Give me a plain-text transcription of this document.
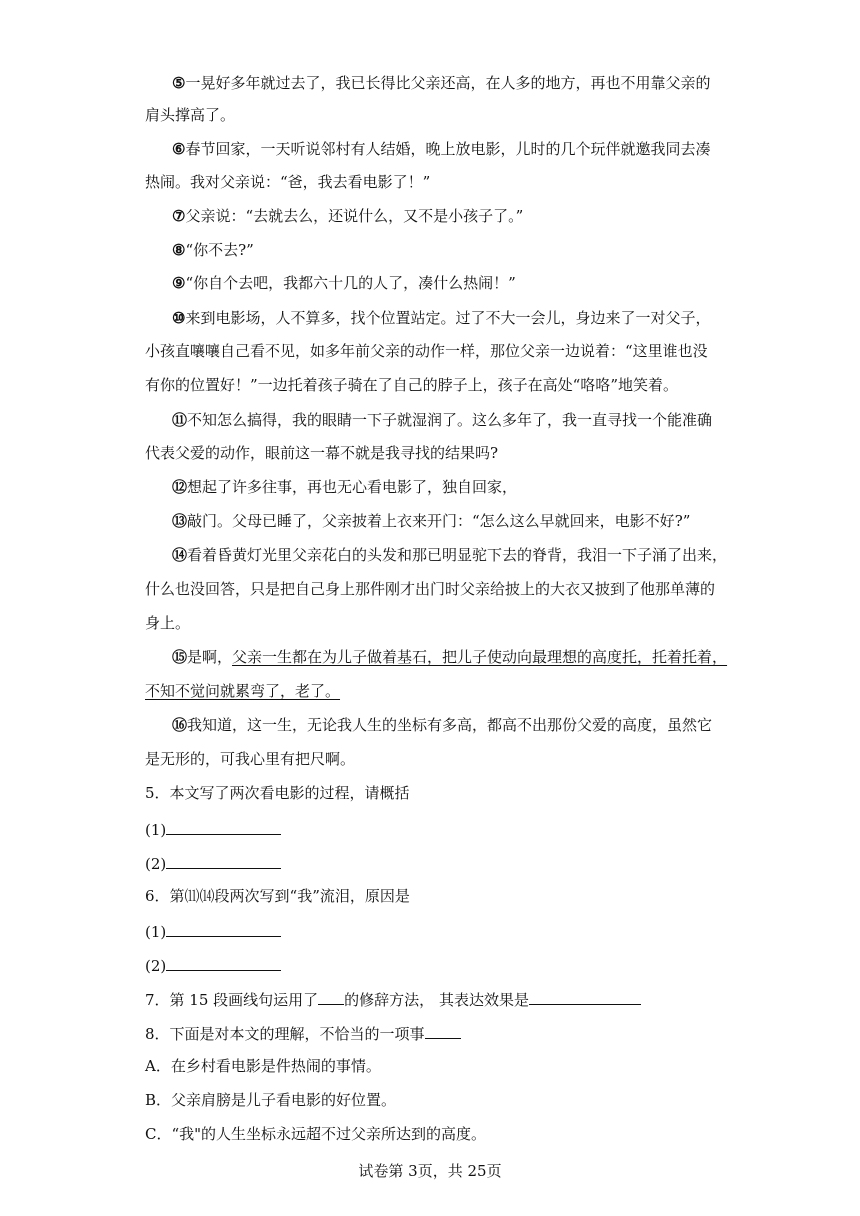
⑤一晃好多年就过去了，我已长得比父亲还高，在人多的地方，再也不用靠父亲的
肩头撑高了。
⑥春节回家，一天听说邻村有人结婚，晚上放电影，儿时的几个玩伴就邀我同去凑
热闹。我对父亲说：“爸，我去看电影了！”
⑦父亲说：“去就去么，还说什么，又不是小孩子了。”
⑧“你不去?”
⑨“你自个去吧，我都六十几的人了，凑什么热闹！”
⑩来到电影场，人不算多，找个位置站定。过了不大一会儿，身边来了一对父子，
小孩直嚷嚷自己看不见，如多年前父亲的动作一样，那位父亲一边说着：“这里谁也没
有你的位置好！”一边托着孩子骑在了自己的脖子上，孩子在高处“咯咯”地笑着。
⑪不知怎么搞得，我的眼睛一下子就湿润了。这么多年了，我一直寻找一个能准确
代表父爱的动作，眼前这一幕不就是我寻找的结果吗?
⑫想起了许多往事，再也无心看电影了，独自回家，
⑬敲门。父母已睡了，父亲披着上衣来开门：“怎么这么早就回来，电影不好?”
⑭看着昏黄灯光里父亲花白的头发和那已明显驼下去的脊背，我泪一下子涌了出来，
什么也没回答，只是把自己身上那件刚才出门时父亲给披上的大衣又披到了他那单薄的
身上。
⑮是啊，父亲一生都在为儿子做着基石，把儿子使动向最理想的高度托，托着托着，
不知不觉问就累弯了，老了。
⑯我知道，这一生，无论我人生的坐标有多高，都高不出那份父爱的高度，虽然它
是无形的，可我心里有把尺啊。
5．本文写了两次看电影的过程，请概括
(1)
(2)
6．第⑾⒁段两次写到“我”流泪，原因是
(1)
(2)
7．第 15 段画线句运用了 的修辞方法， 其表达效果是
8．下面是对本文的理解，不恰当的一项事
A．在乡村看电影是件热闹的事情。
B．父亲肩膀是儿子看电影的好位置。
C．“我"的人生坐标永远超不过父亲所达到的高度。
试卷第 3页，共 25页
